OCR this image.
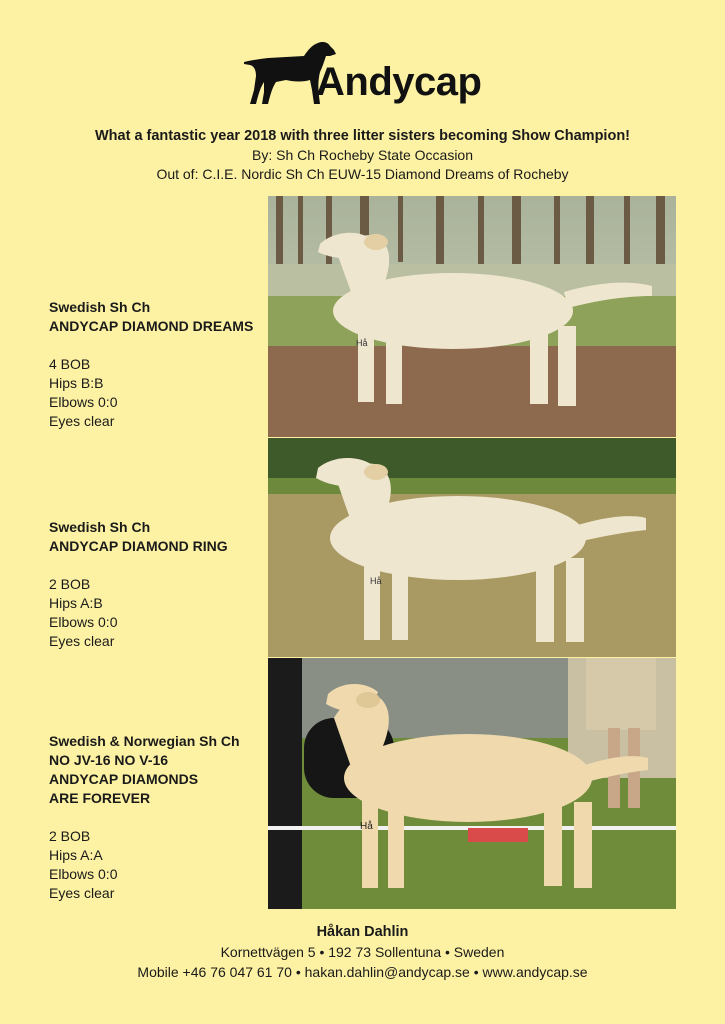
Andycap
What a fantastic year 2018 with three litter sisters becoming Show Champion!
By: Sh Ch Rocheby State Occasion
Out of: C.I.E. Nordic Sh Ch EUW-15 Diamond Dreams of Rocheby
Hå
Hå
Hå
Swedish Sh Ch
ANDYCAP DIAMOND DREAMS
4 BOB
Hips B:B
Elbows 0:0
Eyes clear
Swedish Sh Ch
ANDYCAP DIAMOND RING
2 BOB
Hips A:B
Elbows 0:0
Eyes clear
Swedish & Norwegian Sh Ch
NO JV-16 NO V-16
ANDYCAP DIAMONDS
ARE FOREVER
2 BOB
Hips A:A
Elbows 0:0
Eyes clear
Håkan Dahlin
Kornettvägen 5 • 192 73 Sollentuna • Sweden
Mobile +46 76 047 61 70 • hakan.dahlin@andycap.se • www.andycap.se
